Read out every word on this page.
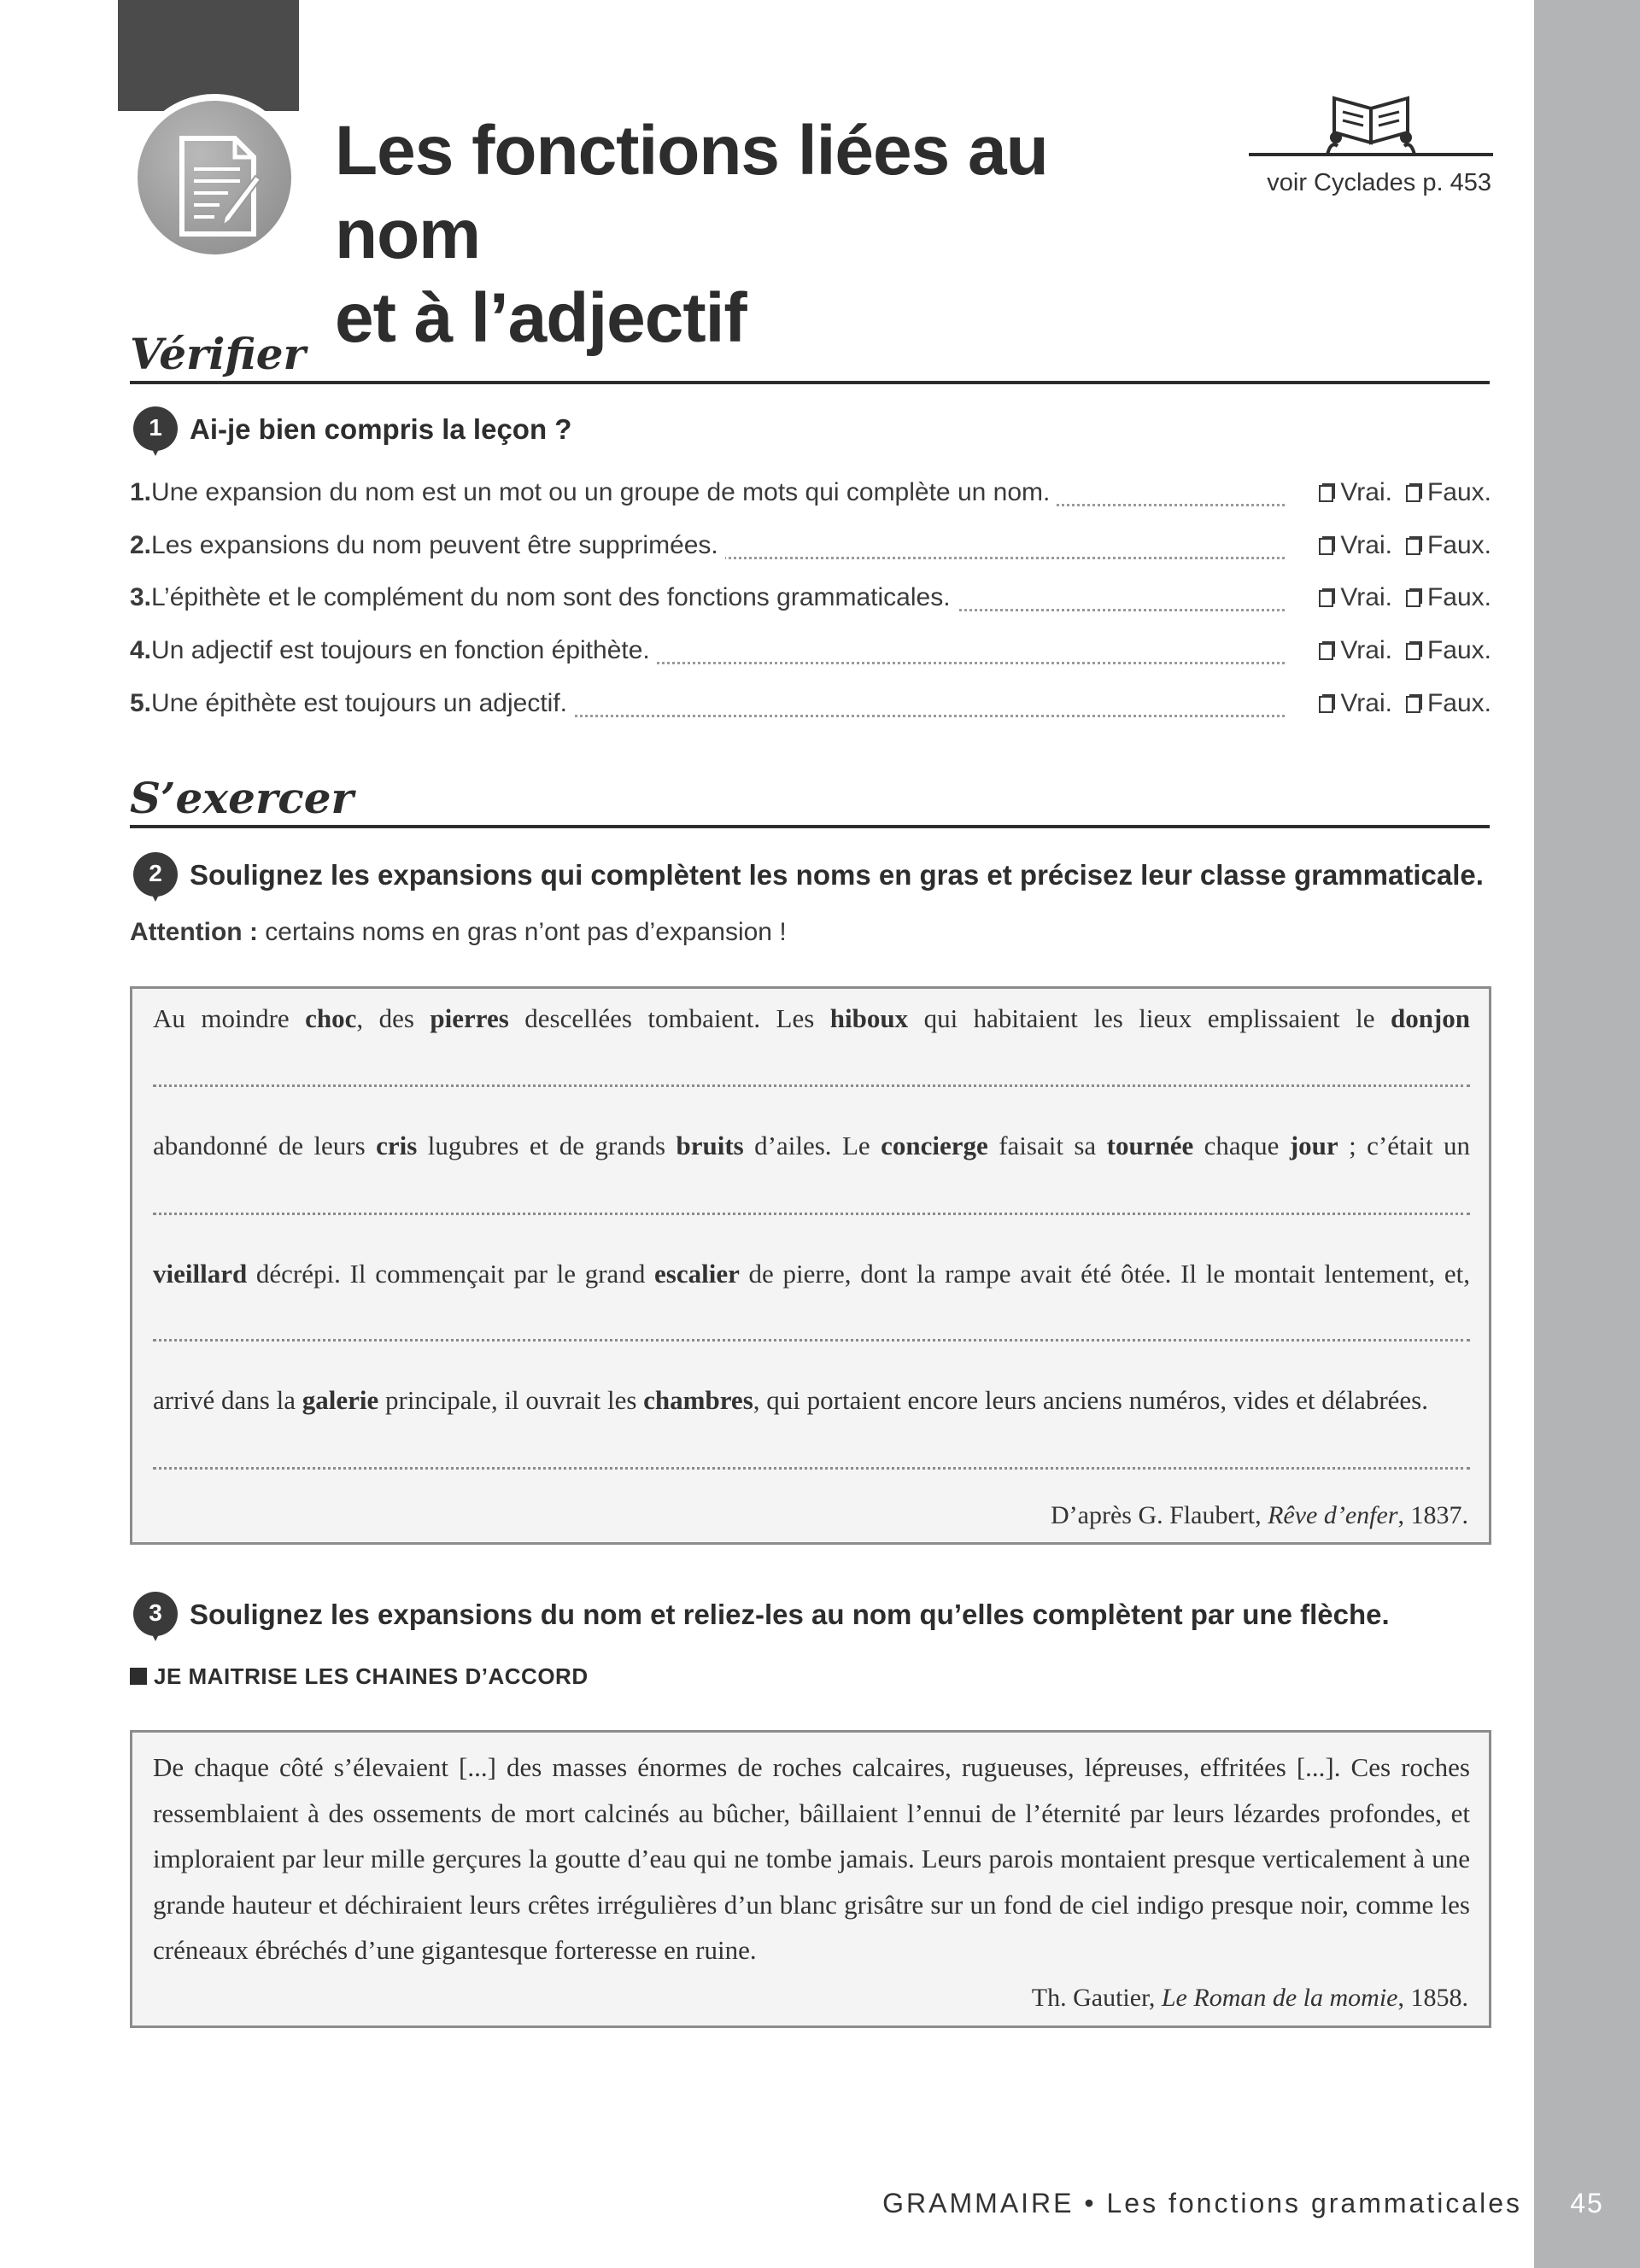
Les fonctions liées au nom
et à l’adjectif
voir Cyclades p. 453
Vérifier
1 Ai-je bien compris la leçon ?
1.Une expansion du nom est un mot ou un groupe de mots qui complète un nom.	Vrai. Faux.
2.Les expansions du nom peuvent être supprimées.	Vrai. Faux.
3.L’épithète et le complément du nom sont des fonctions grammaticales.	Vrai. Faux.
4.Un adjectif est toujours en fonction épithète.	Vrai. Faux.
5.Une épithète est toujours un adjectif.	Vrai. Faux.
S’exercer
2 Soulignez les expansions qui complètent les noms en gras et précisez leur classe grammaticale.
Attention : certains noms en gras n’ont pas d’expansion !
Au moindre choc, des pierres descellées tombaient. Les hiboux qui habitaient les lieux emplissaient le donjon
abandonné de leurs cris lugubres et de grands bruits d’ailes. Le concierge faisait sa tournée chaque jour ; c’était un
vieillard décrépi. Il commençait par le grand escalier de pierre, dont la rampe avait été ôtée. Il le montait lentement, et,
arrivé dans la galerie principale, il ouvrait les chambres, qui portaient encore leurs anciens numéros, vides et délabrées.
D’après G. Flaubert, Rêve d’enfer, 1837.
3 Soulignez les expansions du nom et reliez-les au nom qu’elles complètent par une flèche.
JE MAITRISE LES CHAINES D’ACCORD
De chaque côté s’élevaient [...] des masses énormes de roches calcaires, rugueuses, lépreuses, effritées [...]. Ces roches ressemblaient à des ossements de mort calcinés au bûcher, bâillaient l’ennui de l’éternité par leurs lézardes profondes, et imploraient par leur mille gerçures la goutte d’eau qui ne tombe jamais. Leurs parois montaient presque verticalement à une grande hauteur et déchiraient leurs crêtes irrégulières d’un blanc grisâtre sur un fond de ciel indigo presque noir, comme les créneaux ébréchés d’une gigantesque forteresse en ruine.
Th. Gautier, Le Roman de la momie, 1858.
GRAMMAIRE • Les fonctions grammaticales	45
